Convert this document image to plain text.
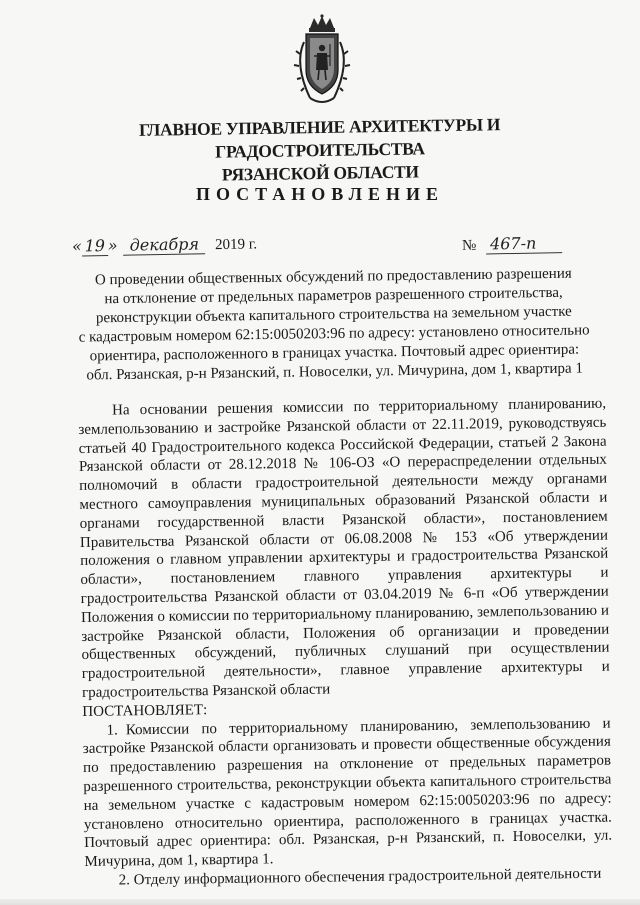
ГЛАВНОЕ УПРАВЛЕНИЕ АРХИТЕКТУРЫ И ГРАДОСТРОИТЕЛЬСТВА
РЯЗАНСКОЙ ОБЛАСТИ
ПОСТАНОВЛЕНИЕ
« 19 » декабря 2019 г.	№ 467-п
О проведении общественных обсуждений по предоставлению разрешения
на отклонение от предельных параметров разрешенного строительства,
реконструкции объекта капитального строительства на земельном участке
с кадастровым номером 62:15:0050203:96 по адресу: установлено относительно
ориентира, расположенного в границах участка. Почтовый адрес ориентира:
обл. Рязанская, р-н Рязанский, п. Новоселки, ул. Мичурина, дом 1, квартира 1

На основании решения комиссии по территориальному планированию, землепользованию и застройке Рязанской области от 22.11.2019, руководствуясь статьей 40 Градостроительного кодекса Российской Федерации, статьей 2 Закона Рязанской области от 28.12.2018 № 106-ОЗ «О перераспределении отдельных полномочий в области градостроительной деятельности между органами местного самоуправления муниципальных образований Рязанской области и органами государственной власти Рязанской области», постановлением Правительства Рязанской области от 06.08.2008 № 153 «Об утверждении положения о главном управлении архитектуры и градостроительства Рязанской области», постановлением главного управления архитектуры и градостроительства Рязанской области от 03.04.2019 № 6-п «Об утверждении Положения о комиссии по территориальному планированию, землепользованию и застройке Рязанской области, Положения об организации и проведении общественных обсуждений, публичных слушаний при осуществлении градостроительной деятельности», главное управление архитектуры и градостроительства Рязанской области

ПОСТАНОВЛЯЕТ:

1. Комиссии по территориальному планированию, землепользованию и застройке Рязанской области организовать и провести общественные обсуждения по предоставлению разрешения на отклонение от предельных параметров разрешенного строительства, реконструкции объекта капитального строительства на земельном участке с кадастровым номером 62:15:0050203:96 по адресу: установлено относительно ориентира, расположенного в границах участка. Почтовый адрес ориентира: обл. Рязанская, р-н Рязанский, п. Новоселки, ул. Мичурина, дом 1, квартира 1.

2. Отделу информационного обеспечения градостроительной деятельности
